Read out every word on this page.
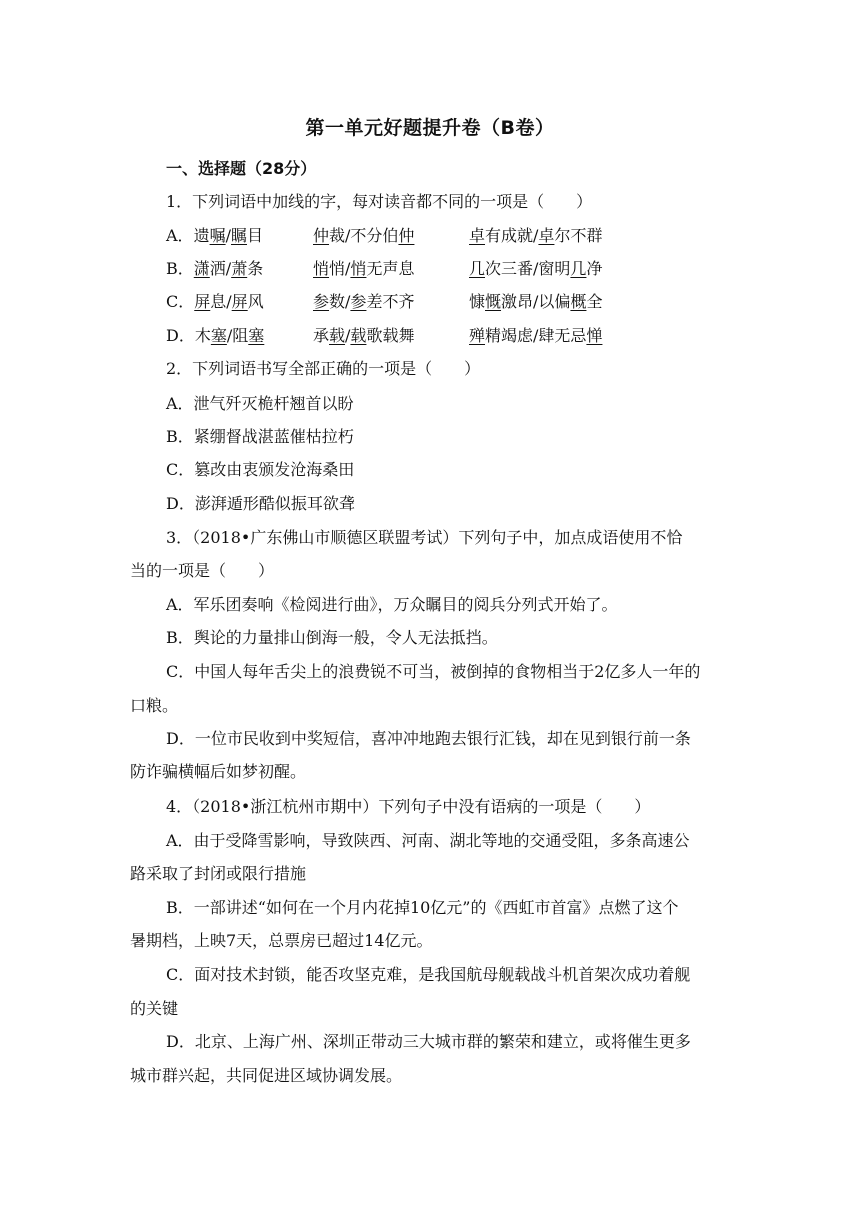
第一单元好题提升卷（B卷）
一、选择题（28分）
1．下列词语中加线的字，每对读音都不同的一项是（　　）
A．遗嘱/瞩目	仲裁/不分伯仲	卓有成就/卓尔不群
B．潇洒/萧条	悄悄/悄无声息	几次三番/窗明几净
C．屏息/屏风	参数/参差不齐	慷慨激昂/以偏概全
D．木塞/阻塞	承载/载歌载舞	殚精竭虑/肆无忌惮
2．下列词语书写全部正确的一项是（　　）
A．泄气歼灭桅杆翘首以盼
B．紧绷督战湛蓝催枯拉朽
C．篡改由衷颁发沧海桑田
D．澎湃遁形酷似振耳欲聋
3．（2018•广东佛山市顺德区联盟考试）下列句子中，加点成语使用不恰
当的一项是（　　）
A．军乐团奏响《检阅进行曲》，万众瞩目的阅兵分列式开始了。
B．舆论的力量排山倒海一般，令人无法抵挡。
C．中国人每年舌尖上的浪费锐不可当，被倒掉的食物相当于2亿多人一年的
口粮。
D．一位市民收到中奖短信，喜冲冲地跑去银行汇钱，却在见到银行前一条
防诈骗横幅后如梦初醒。
4．（2018•浙江杭州市期中）下列句子中没有语病的一项是（　　）
A．由于受降雪影响，导致陕西、河南、湖北等地的交通受阻，多条高速公
路采取了封闭或限行措施
B．一部讲述“如何在一个月内花掉10亿元”的《西虹市首富》点燃了这个
暑期档，上映7天，总票房已超过14亿元。
C．面对技术封锁，能否攻坚克难，是我国航母舰载战斗机首架次成功着舰
的关键
D．北京、上海广州、深圳正带动三大城市群的繁荣和建立，或将催生更多
城市群兴起，共同促进区域协调发展。
